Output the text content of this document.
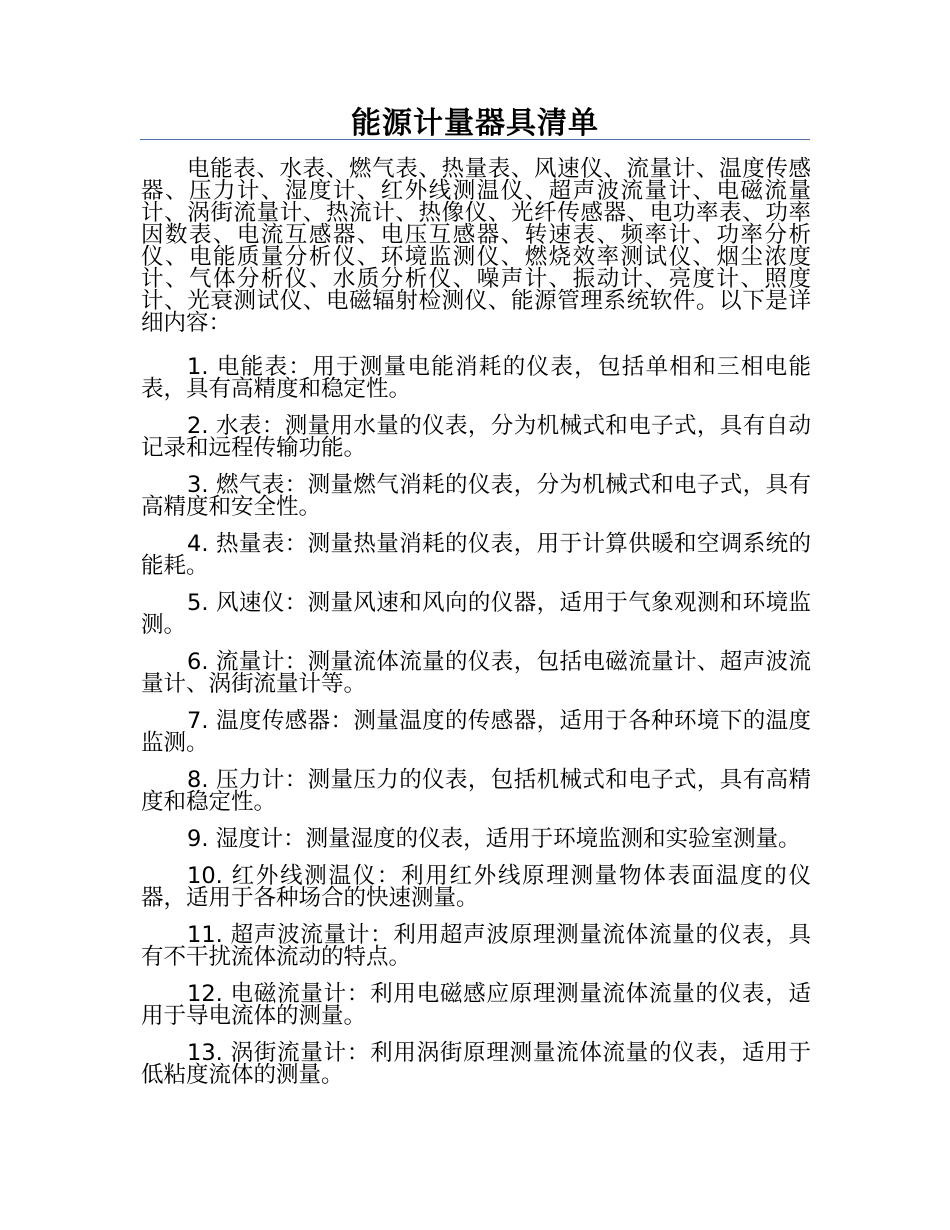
能源计量器具清单

电能表、水表、燃气表、热量表、风速仪、流量计、温度传感器、压力计、湿度计、红外线测温仪、超声波流量计、电磁流量计、涡街流量计、热流计、热像仪、光纤传感器、电功率表、功率因数表、电流互感器、电压互感器、转速表、频率计、功率分析仪、电能质量分析仪、环境监测仪、燃烧效率测试仪、烟尘浓度计、气体分析仪、水质分析仪、噪声计、振动计、亮度计、照度计、光衰测试仪、电磁辐射检测仪、能源管理系统软件。以下是详细内容：

1. 电能表：用于测量电能消耗的仪表，包括单相和三相电能表，具有高精度和稳定性。

2. 水表：测量用水量的仪表，分为机械式和电子式，具有自动记录和远程传输功能。

3. 燃气表：测量燃气消耗的仪表，分为机械式和电子式，具有高精度和安全性。

4. 热量表：测量热量消耗的仪表，用于计算供暖和空调系统的能耗。

5. 风速仪：测量风速和风向的仪器，适用于气象观测和环境监测。

6. 流量计：测量流体流量的仪表，包括电磁流量计、超声波流量计、涡街流量计等。

7. 温度传感器：测量温度的传感器，适用于各种环境下的温度监测。

8. 压力计：测量压力的仪表，包括机械式和电子式，具有高精度和稳定性。

9. 湿度计：测量湿度的仪表，适用于环境监测和实验室测量。

10. 红外线测温仪：利用红外线原理测量物体表面温度的仪器，适用于各种场合的快速测量。

11. 超声波流量计：利用超声波原理测量流体流量的仪表，具有不干扰流体流动的特点。

12. 电磁流量计：利用电磁感应原理测量流体流量的仪表，适用于导电流体的测量。

13. 涡街流量计：利用涡街原理测量流体流量的仪表，适用于低粘度流体的测量。
